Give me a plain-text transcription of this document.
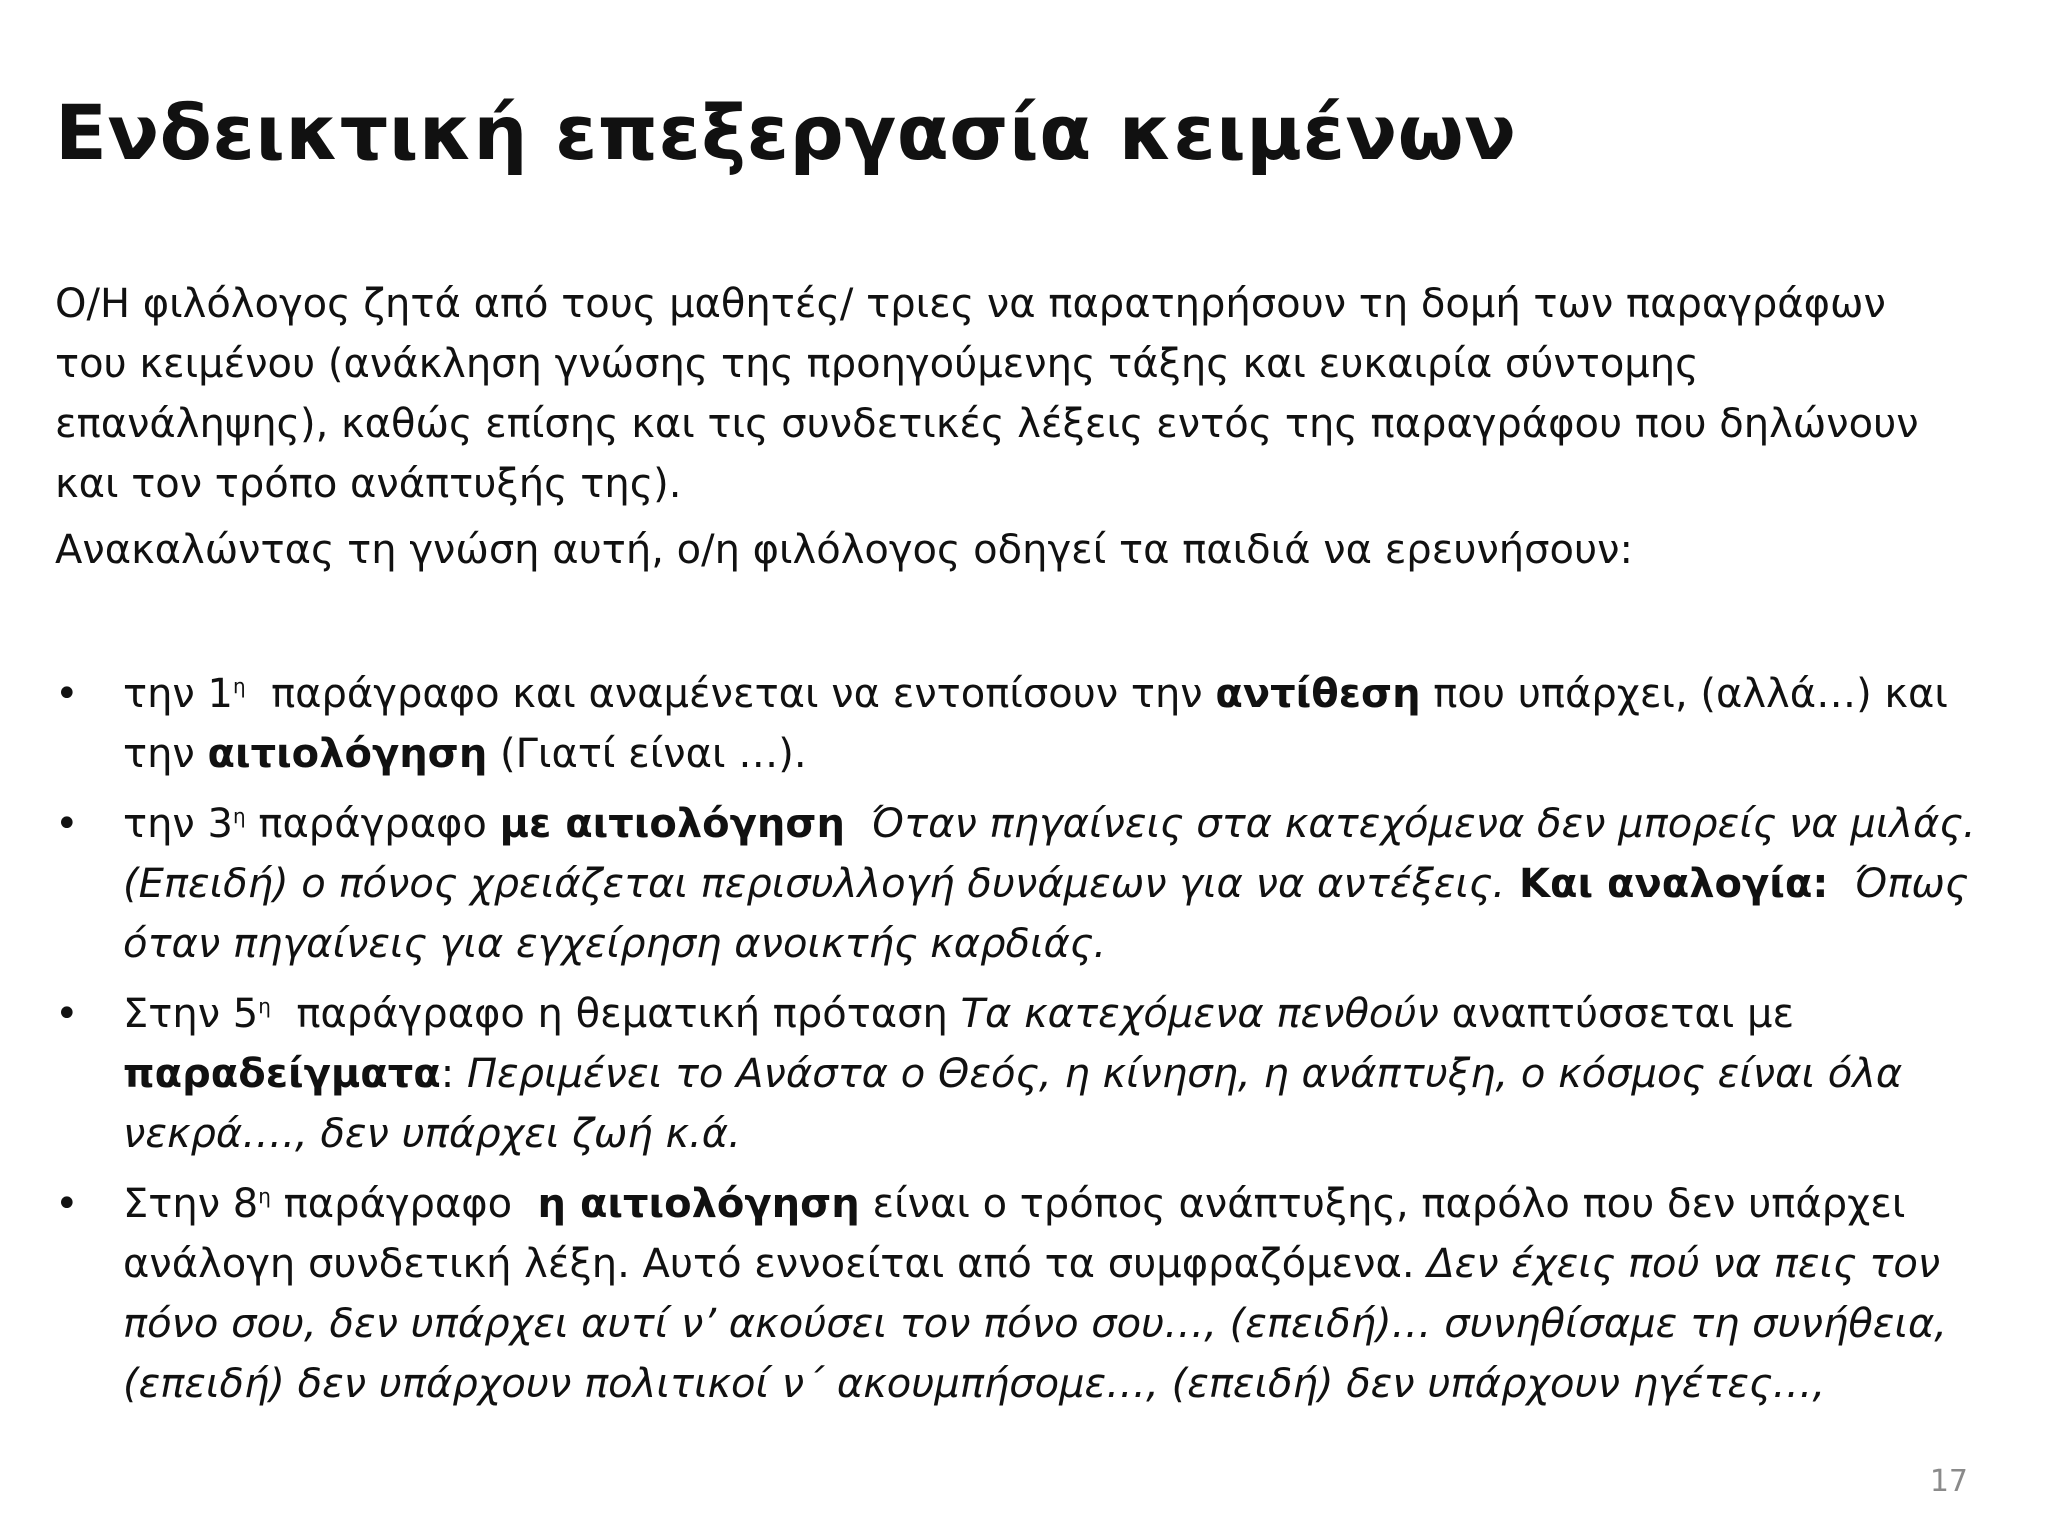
Ενδεικτική επεξεργασία κειμένων
Ο/Η φιλόλογος ζητά από τους μαθητές/ τριες να παρατηρήσουν τη δομή των παραγράφων
του κειμένου (ανάκληση γνώσης της προηγούμενης τάξης και ευκαιρία σύντομης
επανάληψης), καθώς επίσης και τις συνδετικές λέξεις εντός της παραγράφου που δηλώνουν
και τον τρόπο ανάπτυξής της).
Ανακαλώντας τη γνώση αυτή, ο/η φιλόλογος οδηγεί τα παιδιά να ερευνήσουν:
•	την $1^\eta$  παράγραφο και αναμένεται να εντοπίσουν την αντίθεση που υπάρχει, (αλλά…) και
την αιτιολόγηση (Γιατί είναι …).
•	την $3^\eta$ παράγραφο με αιτιολόγηση  Όταν πηγαίνεις στα κατεχόμενα δεν μπορείς να μιλάς.
(Επειδή) ο πόνος χρειάζεται περισυλλογή δυνάμεων για να αντέξεις. Και αναλογία:  Όπως
όταν πηγαίνεις για εγχείρηση ανοικτής καρδιάς.
•	Στην $5^\eta$  παράγραφο η θεματική πρόταση Τα κατεχόμενα πενθούν αναπτύσσεται με
παραδείγματα: Περιμένει το Ανάστα ο Θεός, η κίνηση, η ανάπτυξη, ο κόσμος είναι όλα
νεκρά…., δεν υπάρχει ζωή κ.ά.
•	Στην $8^\eta$ παράγραφο  η αιτιολόγηση είναι ο τρόπος ανάπτυξης, παρόλο που δεν υπάρχει
ανάλογη συνδετική λέξη. Αυτό εννοείται από τα συμφραζόμενα. Δεν έχεις πού να πεις τον
πόνο σου, δεν υπάρχει αυτί ν’ ακούσει τον πόνο σου…, (επειδή)… συνηθίσαμε τη συνήθεια,
(επειδή) δεν υπάρχουν πολιτικοί ν΄ ακουμπήσομε…, (επειδή) δεν υπάρχουν ηγέτες…,
17
